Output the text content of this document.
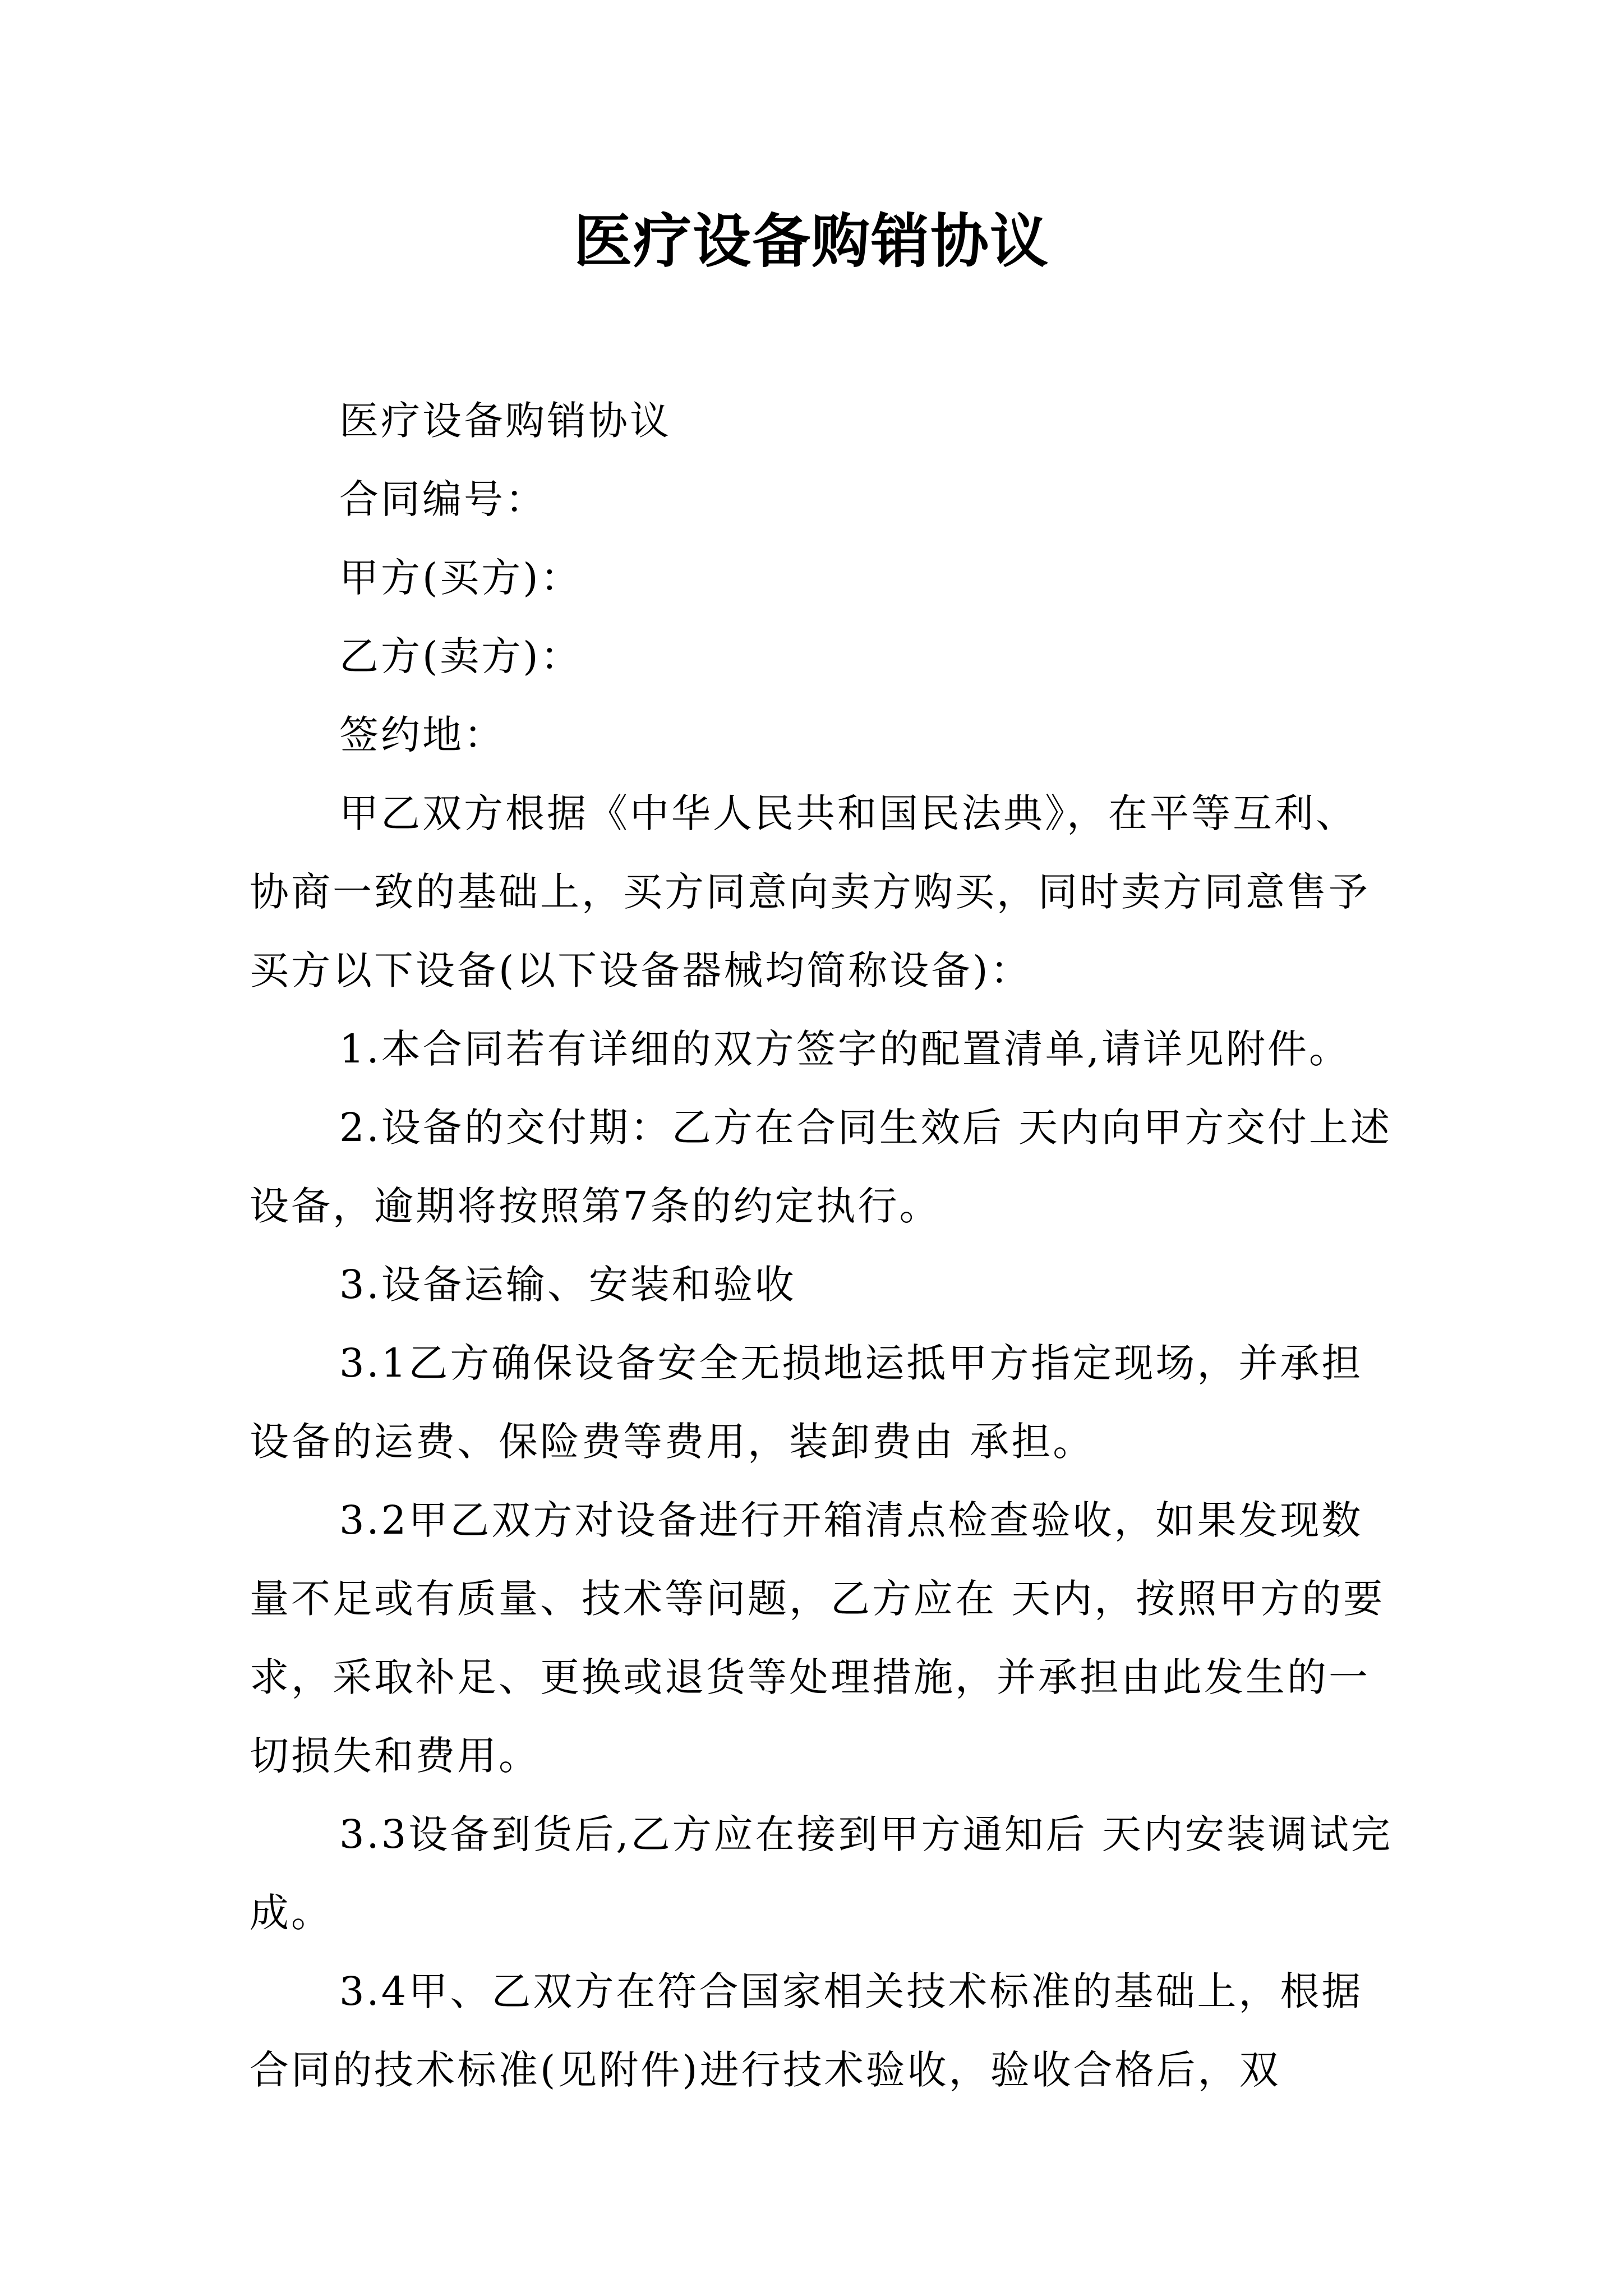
医疗设备购销协议

医疗设备购销协议

合同编号：

甲方(买方)：

乙方(卖方)：

签约地：

甲乙双方根据《中华人民共和国民法典》，在平等互利、协商一致的基础上，买方同意向卖方购买，同时卖方同意售予买方以下设备(以下设备器械均简称设备)：

1.本合同若有详细的双方签字的配置清单,请详见附件。

2.设备的交付期：乙方在合同生效后 天内向甲方交付上述设备，逾期将按照第7条的约定执行。

3.设备运输、安装和验收

3.1乙方确保设备安全无损地运抵甲方指定现场，并承担设备的运费、保险费等费用，装卸费由 承担。

3.2甲乙双方对设备进行开箱清点检查验收，如果发现数量不足或有质量、技术等问题，乙方应在 天内，按照甲方的要求，采取补足、更换或退货等处理措施，并承担由此发生的一切损失和费用。

3.3设备到货后,乙方应在接到甲方通知后 天内安装调试完成。

3.4甲、乙双方在符合国家相关技术标准的基础上，根据合同的技术标准(见附件)进行技术验收，验收合格后，双
